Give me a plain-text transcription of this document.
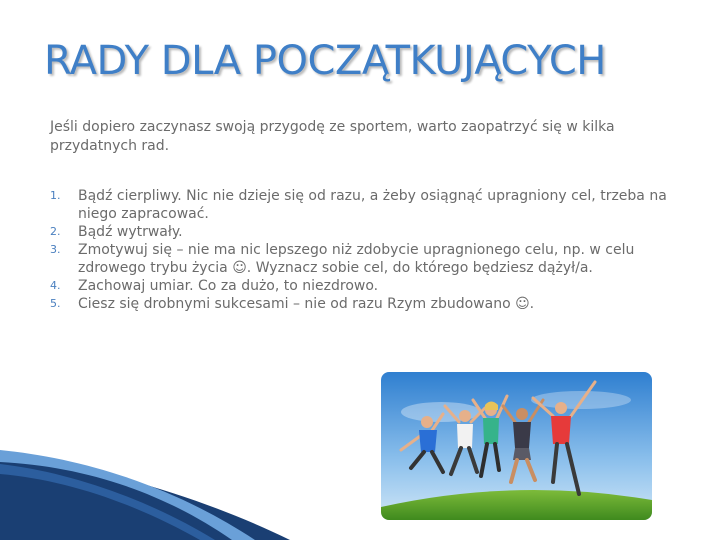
RADY DLA POCZĄTKUJĄCYCH

Jeśli dopiero zaczynasz swoją przygodę ze sportem, warto zaopatrzyć się w kilka przydatnych rad.

1.	Bądź cierpliwy. Nic nie dzieje się od razu, a żeby osiągnąć upragniony cel, trzeba na niego zapracować.
2.	Bądź wytrwały.
3.	Zmotywuj się – nie ma nic lepszego niż zdobycie upragnionego celu, np. w celu zdrowego trybu życia ☺. Wyznacz sobie cel, do którego będziesz dążył/a.
4.	Zachowaj umiar. Co za dużo, to niezdrowo.
5.	Ciesz się drobnymi sukcesami – nie od razu Rzym zbudowano ☺.
